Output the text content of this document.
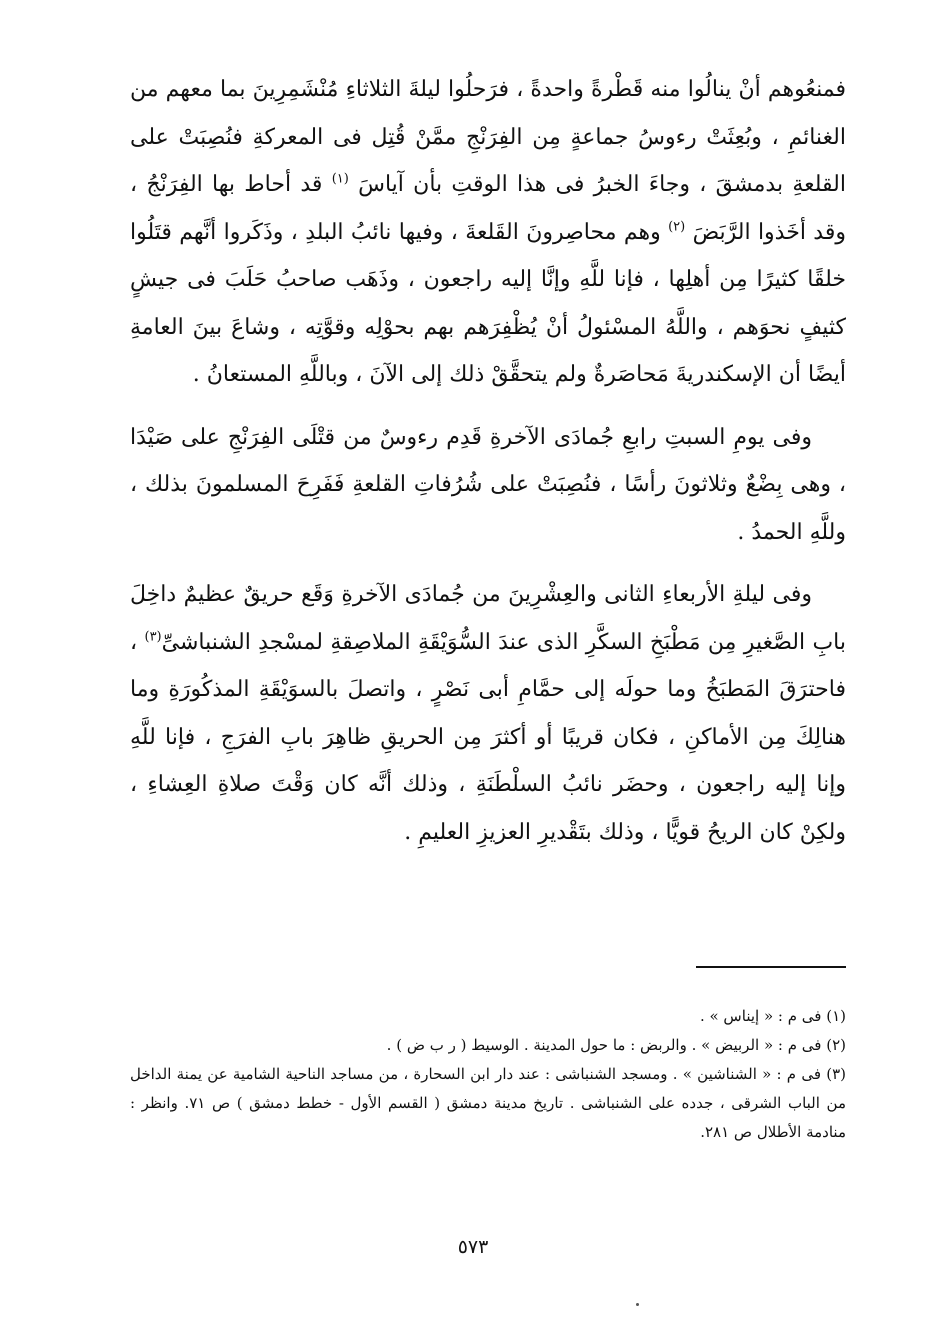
فمنعُوهم أنْ ينالُوا منه قَطْرةً واحدةً ، فرَحلُوا ليلةَ الثلاثاءِ مُنْشَمِرِينَ بما معهم من الغنائمِ ، وبُعِثَتْ رءوسُ جماعةٍ مِن الفِرَنْجِ ممَّنْ قُتِل فى المعركةِ فنُصِبَتْ على القلعةِ بدمشقَ ، وجاءَ الخبرُ فى هذا الوقتِ بأن آياسَ $^{(١)}$ قد أحاط بها الفِرَنْجُ ، وقد أخَذوا الرَّبَضَ $^{(٢)}$ وهم محاصِرونَ القَلعةَ ، وفيها نائبُ البلدِ ، وذَكَروا أنَّهم قتَلُوا خلقًا كثيرًا مِن أهلِها ، فإنا للَّهِ وإنَّا إليه راجعون ، وذَهَب صاحبُ حَلَبَ فى جيشٍ كثيفٍ نحوَهم ، واللَّهُ المسْئولُ أنْ يُظْفِرَهم بهم بحوْلِه وقوَّتِه ، وشاعَ بينَ العامةِ أيضًا أن الإسكندريةَ مَحاصَرةٌ ولم يتحقَّقْ ذلك إلى الآنَ ، وباللَّهِ المستعانُ .

وفى يومِ السبتِ رابعِ جُمادَى الآخرةِ قَدِم رءوسٌ من قتْلَى الفِرَنْجِ على صَيْدَا ، وهى بِضْعٌ وثلاثونَ رأسًا ، فنُصِبَتْ على شُرُفاتِ القلعةِ فَفَرِحَ المسلمونَ بذلك ، وللَّهِ الحمدُ .

وفى ليلةِ الأربعاءِ الثانى والعِشْرِينَ من جُمادَى الآخرةِ وَقَع حريقٌ عظيمٌ داخِلَ بابِ الصَّغيرِ مِن مَطْبَخِ السكَّرِ الذى عندَ السُّوَيْقَةِ الملاصِقةِ لمسْجدِ الشنباشىِّ$^{(٣)}$ ، فاحترَقَ المَطبَخُ وما حولَه إلى حمَّامِ أبى نَصْرٍ ، واتصلَ بالسوَيْقَةِ المذكُورَةِ وما هنالِكَ مِن الأماكنِ ، فكان قريبًا أو أكثرَ مِن الحريقِ ظاهِرَ بابِ الفرَجِ ، فإنا للَّهِ وإنا إليه راجعون ، وحضَر نائبُ السلْطَنَةِ ، وذلك أنَّه كان وَقْتَ صلاةِ العِشاءِ ، ولكِنْ كان الريحُ قويًّا ، وذلك بتَقْديرِ العزيزِ العليمِ .

(١) فى م : « إيناس » .

(٢) فى م : « الربيض » . والربض : ما حول المدينة . الوسيط ( ر ب ض ) .

(٣) فى م : « الشناشين » . ومسجد الشنباشى : عند دار ابن السحارة ، من مساجد الناحية الشامية عن يمنة الداخل من الباب الشرقى ، جدده على الشنباشى . تاريخ مدينة دمشق ( القسم الأول - خطط دمشق ) ص ٧١. وانظر : منادمة الأطلال ص ٢٨١.

٥٧٣
